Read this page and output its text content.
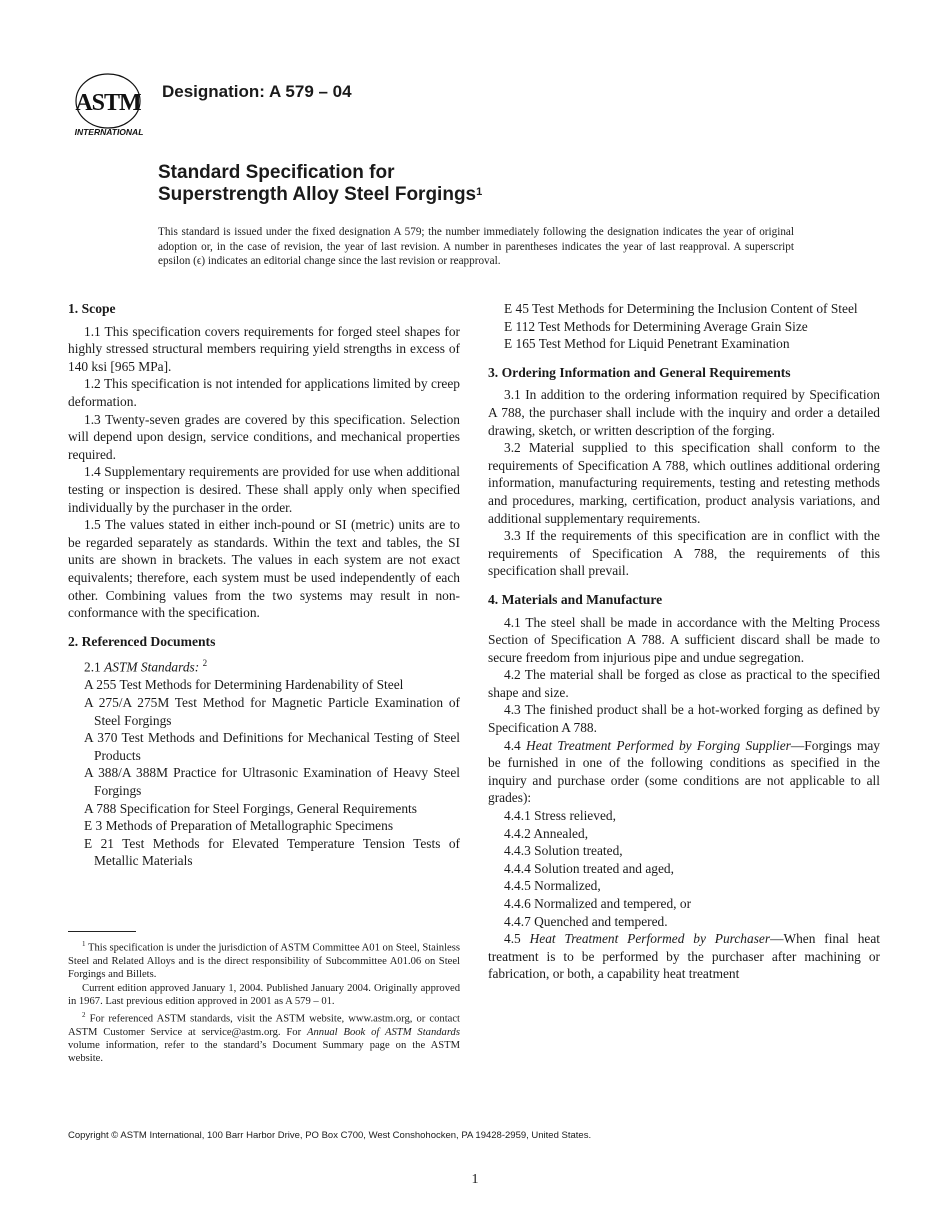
ASTM
INTERNATIONAL
Designation: A 579 – 04
Standard Specification for
Superstrength Alloy Steel Forgings$^1$
This standard is issued under the fixed designation A 579; the number immediately following the designation indicates the year of original adoption or, in the case of revision, the year of last revision. A number in parentheses indicates the year of last reapproval. A superscript epsilon (ϵ) indicates an editorial change since the last revision or reapproval.
1. Scope

1.1 This specification covers requirements for forged steel shapes for highly stressed structural members requiring yield strengths in excess of 140 ksi [965 MPa].

1.2 This specification is not intended for applications limited by creep deformation.

1.3 Twenty-seven grades are covered by this specification. Selection will depend upon design, service conditions, and mechanical properties required.

1.4 Supplementary requirements are provided for use when additional testing or inspection is desired. These shall apply only when specified individually by the purchaser in the order.

1.5 The values stated in either inch-pound or SI (metric) units are to be regarded separately as standards. Within the text and tables, the SI units are shown in brackets. The values in each system are not exact equivalents; therefore, each system must be used independently of each other. Combining values from the two systems may result in non-conformance with the specification.

2. Referenced Documents

2.1 ASTM Standards: $^2$

A 255 Test Methods for Determining Hardenability of Steel

A 275/A 275M Test Method for Magnetic Particle Examination of Steel Forgings

A 370 Test Methods and Definitions for Mechanical Testing of Steel Products

A 388/A 388M Practice for Ultrasonic Examination of Heavy Steel Forgings

A 788 Specification for Steel Forgings, General Requirements

E 3 Methods of Preparation of Metallographic Specimens

E 21 Test Methods for Elevated Temperature Tension Tests of Metallic Materials

$^1$ This specification is under the jurisdiction of ASTM Committee A01 on Steel, Stainless Steel and Related Alloys and is the direct responsibility of Subcommittee A01.06 on Steel Forgings and Billets.

Current edition approved January 1, 2004. Published January 2004. Originally approved in 1967. Last previous edition approved in 2001 as A 579 – 01.

$^2$ For referenced ASTM standards, visit the ASTM website, www.astm.org, or contact ASTM Customer Service at service@astm.org. For Annual Book of ASTM Standards volume information, refer to the standard’s Document Summary page on the ASTM website.

E 45 Test Methods for Determining the Inclusion Content of Steel

E 112 Test Methods for Determining Average Grain Size

E 165 Test Method for Liquid Penetrant Examination

3. Ordering Information and General Requirements

3.1 In addition to the ordering information required by Specification A 788, the purchaser shall include with the inquiry and order a detailed drawing, sketch, or written description of the forging.

3.2 Material supplied to this specification shall conform to the requirements of Specification A 788, which outlines additional ordering information, manufacturing requirements, testing and retesting methods and procedures, marking, certification, product analysis variations, and additional supplementary requirements.

3.3 If the requirements of this specification are in conflict with the requirements of Specification A 788, the requirements of this specification shall prevail.

4. Materials and Manufacture

4.1 The steel shall be made in accordance with the Melting Process Section of Specification A 788. A sufficient discard shall be made to secure freedom from injurious pipe and undue segregation.

4.2 The material shall be forged as close as practical to the specified shape and size.

4.3 The finished product shall be a hot-worked forging as defined by Specification A 788.

4.4 Heat Treatment Performed by Forging Supplier—Forgings may be furnished in one of the following conditions as specified in the inquiry and purchase order (some conditions are not applicable to all grades):

4.4.1 Stress relieved,

4.4.2 Annealed,

4.4.3 Solution treated,

4.4.4 Solution treated and aged,

4.4.5 Normalized,

4.4.6 Normalized and tempered, or

4.4.7 Quenched and tempered.

4.5 Heat Treatment Performed by Purchaser—When final heat treatment is to be performed by the purchaser after machining or fabrication, or both, a capability heat treatment

Copyright © ASTM International, 100 Barr Harbor Drive, PO Box C700, West Conshohocken, PA 19428-2959, United States.
1
